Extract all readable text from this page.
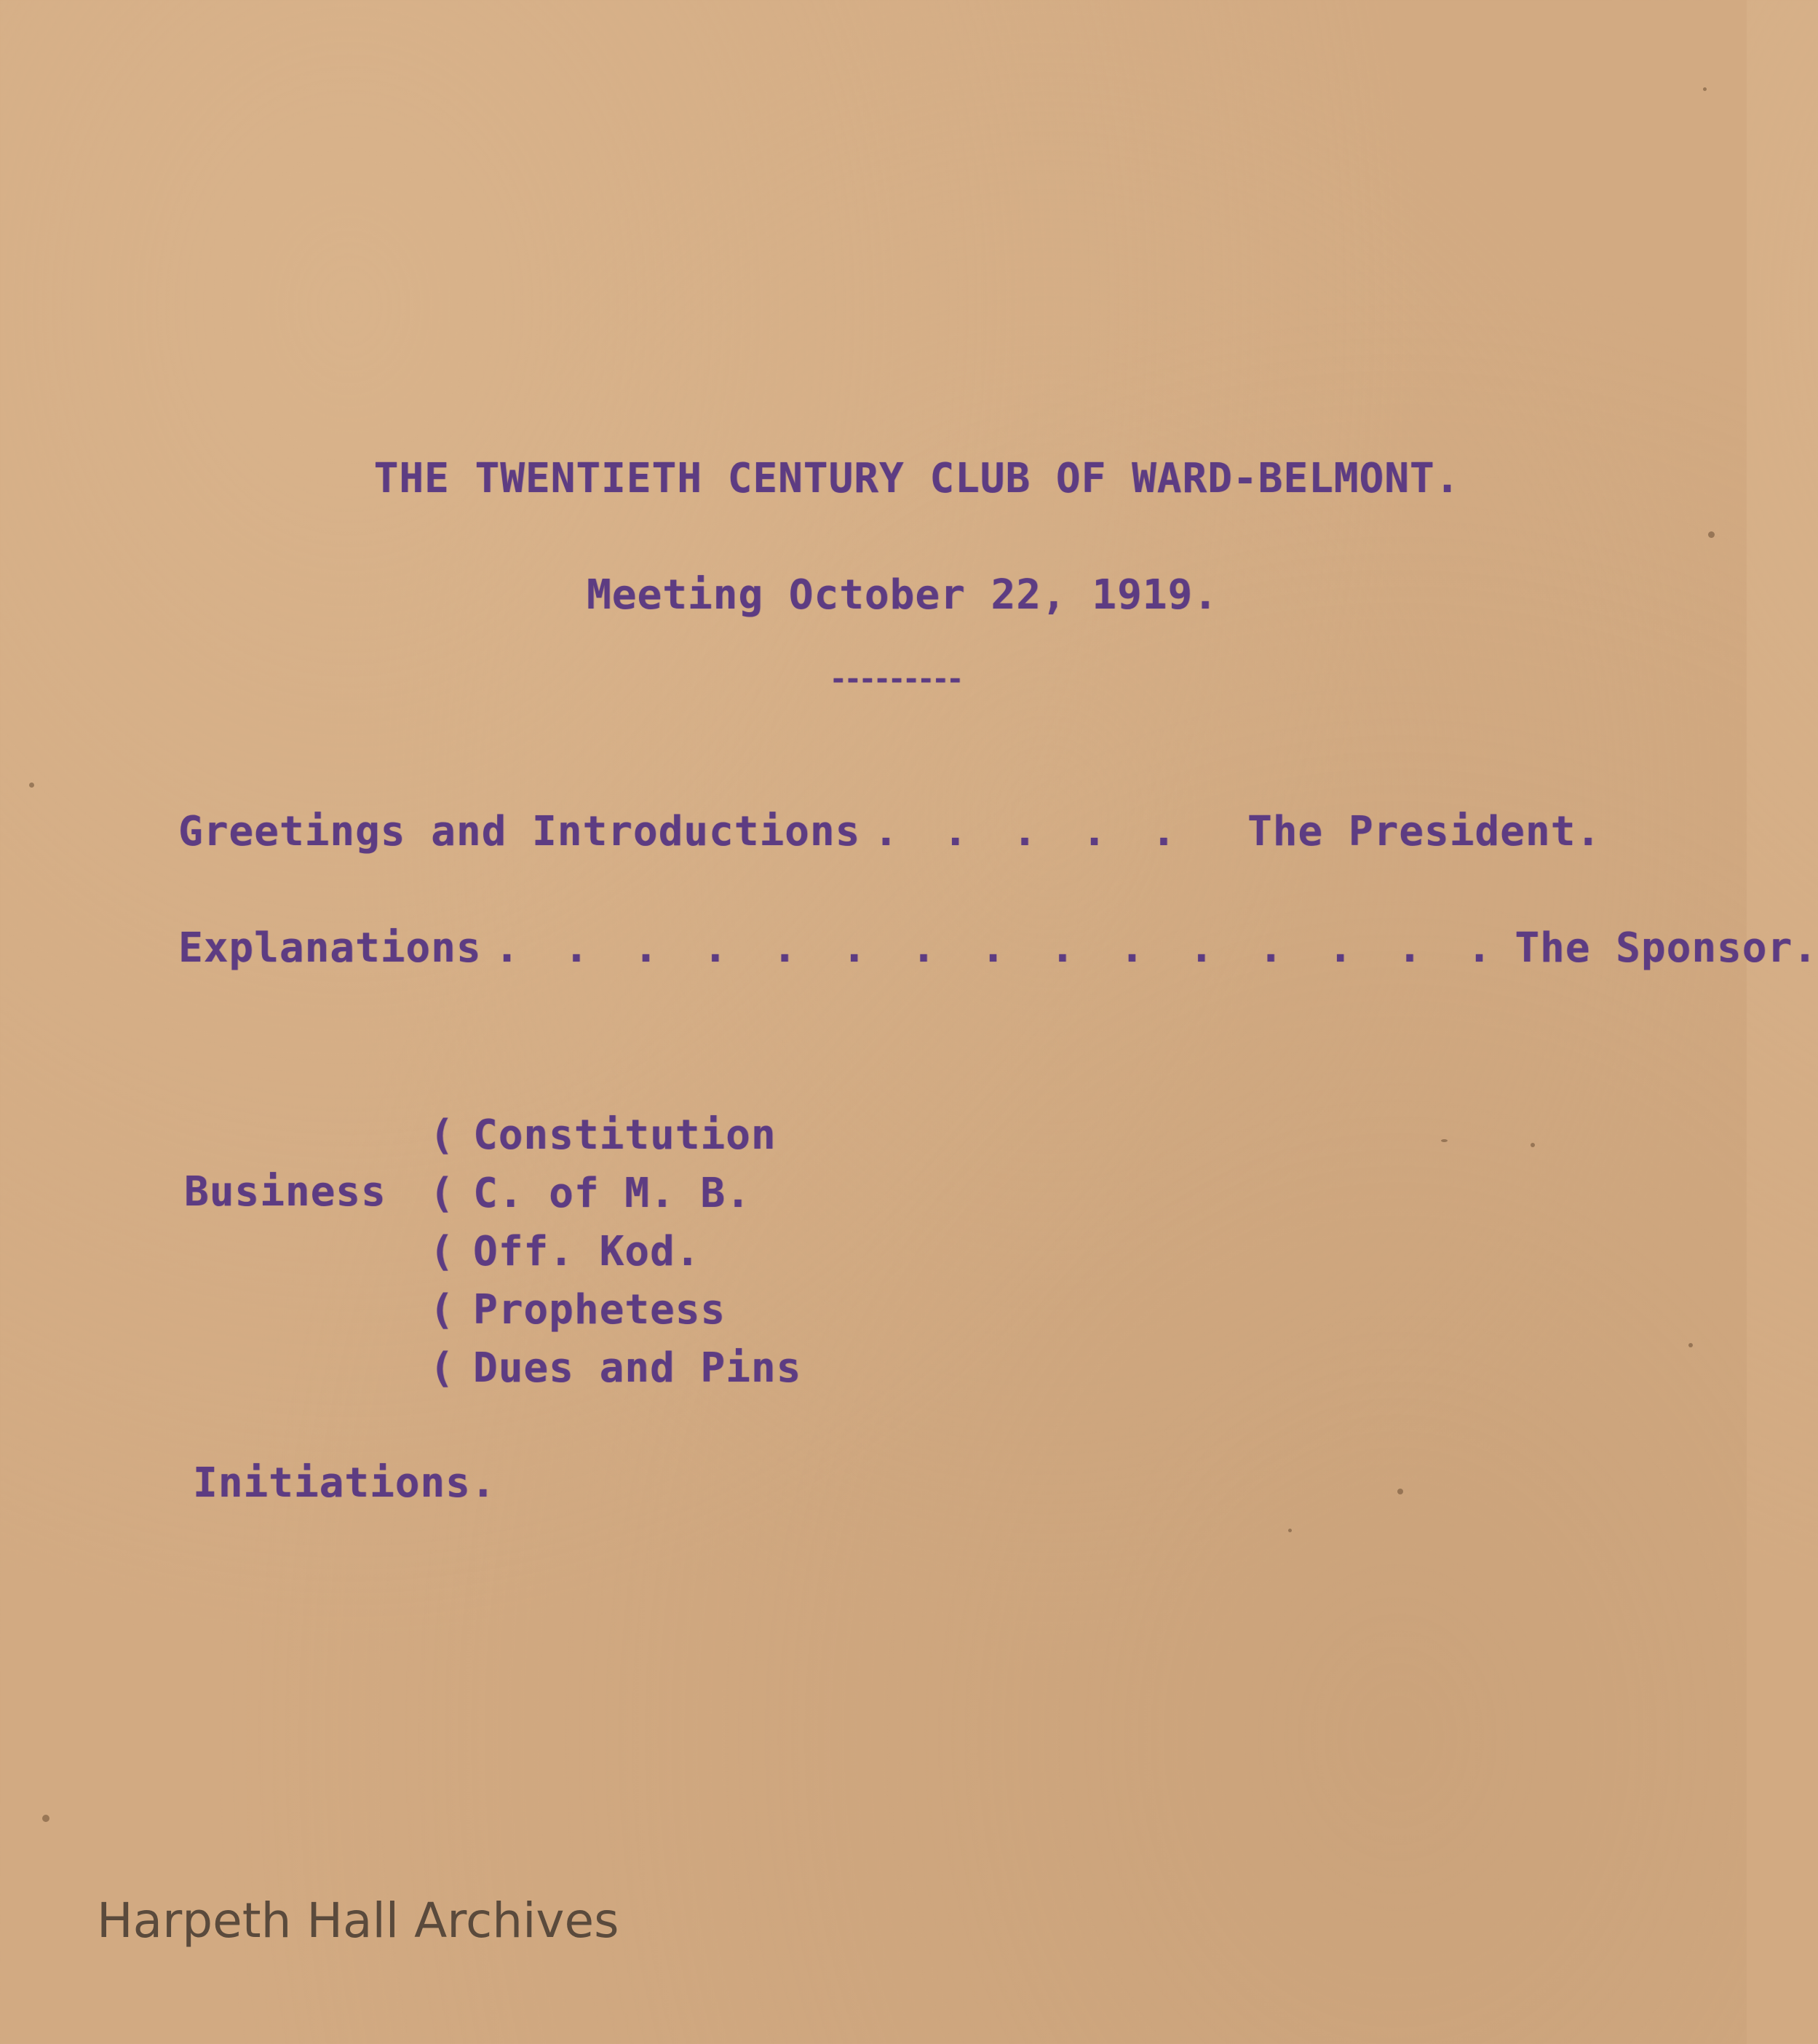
THE TWENTIETH CENTURY CLUB OF WARD-BELMONT.

Meeting October 22, 1919.

---------

Greetings and Introductions . . . . .	The President.
Explanations . . . . . . . . . . . . . . . The Sponsor.

Business

( Constitution
( C. of M. B.
( Off. Kod.
( Prophetess
( Dues and Pins

Initiations.

Harpeth Hall Archives
